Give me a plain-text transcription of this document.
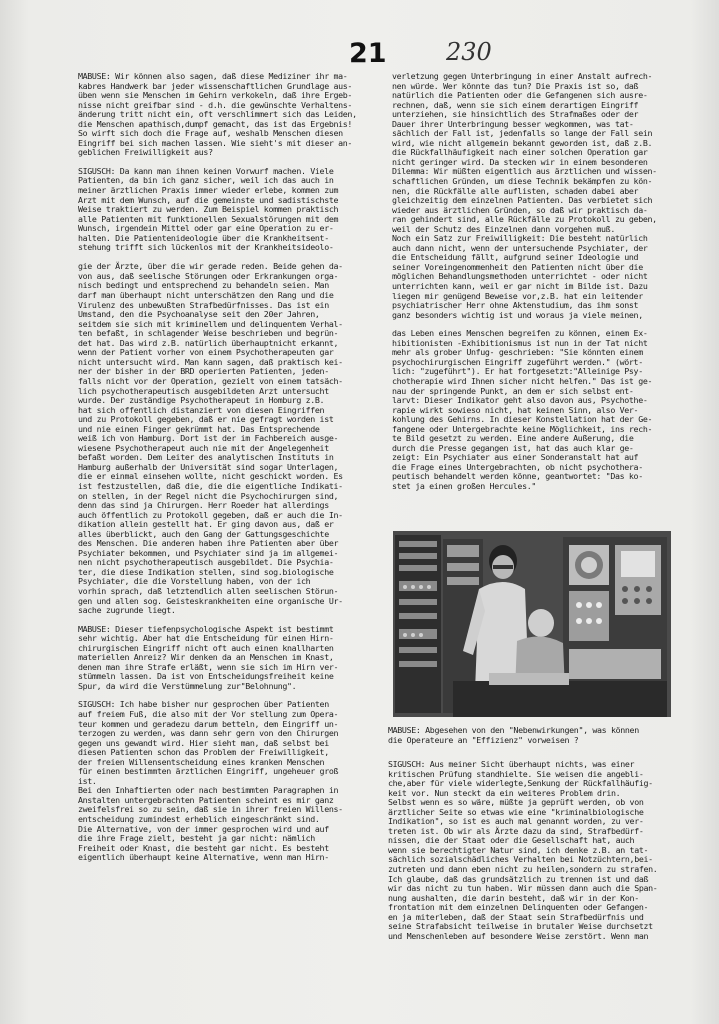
21 230

MABUSE: Wir können also sagen, daß diese Mediziner ihr ma-
kabres Handwerk bar jeder wissenschaftlichen Grundlage aus-
üben wenn sie Menschen im Gehirn verkokeln, daß ihre Ergeb-
nisse nicht greifbar sind - d.h. die gewünschte Verhaltens-
änderung tritt nicht ein, oft verschlimmert sich das Leiden,
die Menschen apathisch,dumpf gemacht, das ist das Ergebnis!
So wirft sich doch die Frage auf, weshalb Menschen diesen
Eingriff bei sich machen lassen. Wie sieht's mit dieser an-
geblichen Freiwilligkeit aus?

SIGUSCH: Da kann man ihnen keinen Vorwurf machen. Viele
Patienten, da bin ich ganz sicher, weil ich das auch in
meiner ärztlichen Praxis immer wieder erlebe, kommen zum
Arzt mit dem Wunsch, auf die gemeinste und sadistischste
Weise traktiert zu werden. Zum Beispiel kommen praktisch
alle Patienten mit funktionellen Sexualstörungen mit dem
Wunsch, irgendein Mittel oder gar eine Operation zu er-
halten. Die Patientenideologie über die Krankheitsent-
stehung trifft sich lückenlos mit der Krankheitsideolo-

gie der Ärzte, über die wir gerade reden. Beide gehen da-
von aus, daß seelische Störungen oder Erkrankungen orga-
nisch bedingt und entsprechend zu behandeln seien. Man
darf man überhaupt nicht unterschätzen den Rang und die
Virulenz des unbewußten Strafbedürfnisses. Das ist ein
Umstand, den die Psychoanalyse seit den 20er Jahren,
seitdem sie sich mit kriminellem und delinquentem Verhal-
ten befaßt, in schlagender Weise beschrieben und begrün-
det hat. Das wird z.B. natürlich überhauptnicht erkannt,
wenn der Patient vorher von einem Psychotherapeuten gar
nicht untersucht wird. Man kann sagen, daß praktisch kei-
ner der bisher in der BRD operierten Patienten, jeden-
falls nicht vor der Operation, gezielt von einem tatsäch-
lich psychotherapeutisch ausgebildeten Arzt untersucht
wurde. Der zuständige Psychotherapeut in Homburg z.B.
hat sich offentlich distanziert von diesen Eingriffen
und zu Protokoll gegeben, daß er nie gefragt worden ist
und nie einen Finger gekrümmt hat. Das Entsprechende
weiß ich von Hamburg. Dort ist der im Fachbereich ausge-
wiesene Psychotherapeut auch nie mit der Angelegenheit
befaßt worden. Dem Leiter des analytischen Instituts in
Hamburg außerhalb der Universität sind sogar Unterlagen,
die er einmal einsehen wollte, nicht geschickt worden. Es
ist festzustellen, daß die, die die eigentliche Indikati-
on stellen, in der Regel nicht die Psychochirurgen sind,
denn das sind ja Chirurgen. Herr Roeder hat allerdings
auch öffentlich zu Protokoll gegeben, daß er auch die In-
dikation allein gestellt hat. Er ging davon aus, daß er
alles überblickt, auch den Gang der Gattungsgeschichte
des Menschen. Die anderen haben ihre Patienten aber über
Psychiater bekommen, und Psychiater sind ja im allgemei-
nen nicht psychotherapeutisch ausgebildet. Die Psychia-
ter, die diese Indikation stellen, sind sog.biologische
Psychiater, die die Vorstellung haben, von der ich
vorhin sprach, daß letztendlich allen seelischen Störun-
gen und allen sog. Geisteskrankheiten eine organische Ur-
sache zugrunde liegt.

MABUSE: Dieser tiefenpsychologische Aspekt ist bestimmt
sehr wichtig. Aber hat die Entscheidung für einen Hirn-
chirurgischen Eingriff nicht oft auch einen knallharten
materiellen Anreiz? Wir denken da an Menschen im Knast,
denen man ihre Strafe erläßt, wenn sie sich im Hirn ver-
stümmeln lassen. Da ist von Entscheidungsfreiheit keine
Spur, da wird die Verstümmelung zur"Belohnung".

SIGUSCH: Ich habe bisher nur gesprochen über Patienten
auf freiem Fuß, die also mit der Vor stellung zum Operа-
teur kommen und geradezu darum betteln, dem Eingriff un-
terzogen zu werden, was dann sehr gern von den Chirurgen
gegen uns gewandt wird. Hier sieht man, daß selbst bei
diesen Patienten schon das Problem der Freiwilligkeit,
der freien Willensentscheidung eines kranken Menschen
für einen bestimmten ärztlichen Eingriff, ungeheuer groß
ist.
Bei den Inhaftierten oder nach bestimmten Paragraphen in
Anstalten untergebrachten Patienten scheint es mir ganz
zweifelsfrei so zu sein, daß sie in ihrer freien Willens-
entscheidung zumindest erheblich eingeschränkt sind.
Die Alternative, von der immer gesprochen wird und auf
die ihre Frage zielt, besteht ja gar nicht: nämlich
Freiheit oder Knast, die besteht gar nicht. Es besteht
eigentlich überhaupt keine Alternative, wenn man Hirn-

verletzung gegen Unterbringung in einer Anstalt aufrech-
nen würde. Wer könnte das tun? Die Praxis ist so, daß
natürlich die Patienten oder die Gefangenen sich ausre-
rechnen, daß, wenn sie sich einem derartigen Eingriff
unterziehen, sie hinsichtlich des Strafmaßes oder der
Dauer ihrer Unterbringung besser wegkommen, was tat-
sächlich der Fall ist, jedenfalls so lange der Fall sein
wird, wie nicht allgemein bekannt geworden ist, daß z.B.
die Rückfallhäufigkeit nach einer solchen Operation gar
nicht geringer wird. Da stecken wir in einem besonderen
Dilemma: Wir müßten eigentlich aus ärztlichen und wissen-
schaftlichen Gründen, um diese Technik bekämpfen zu kön-
nen, die Rückfälle alle auflisten, schaden dabei aber
gleichzeitig dem einzelnen Patienten. Das verbietet sich
wieder aus ärztlichen Gründen, so daß wir praktisch da-
ran gehindert sind, alle Rückfälle zu Protokoll zu geben,
weil der Schutz des Einzelnen dann vorgehen muß.
Noch ein Satz zur Freiwilligkeit: Die besteht natürlich
auch dann nicht, wenn der untersuchende Psychiater, der
die Entscheidung fällt, aufgrund seiner Ideologie und
seiner Voreingenommenheit den Patienten nicht über die
möglichen Behandlungsmethoden unterrichtet - oder nicht
unterrichten kann, weil er gar nicht im Bilde ist. Dazu
liegen mir genügend Beweise vor,z.B. hat ein leitender
psychiatrischer Herr ohne Aktenstudium, das ihm sonst
ganz besonders wichtig ist und woraus ja viele meinen,

das Leben eines Menschen begreifen zu können, einem Ex-
hibitionisten -Exhibitionismus ist nun in der Tat nicht
mehr als grober Unfug- geschrieben: "Sie könnten einem
psychochirurgischen Eingriff zugeführt werden." (wört-
lich: "zugeführt"). Er hat fortgesetzt:"Alleinige Psy-
chotherapie wird Ihnen sicher nicht helfen." Das ist ge-
nau der springende Punkt, an dem er sich selbst ent-
larvt: Dieser Indikator geht also davon aus, Psychothe-
rapie wirkt sowieso nicht, hat keinen Sinn, also Ver-
kohlung des Gehirns. In dieser Konstellation hat der Ge-
fangene oder Untergebrachte keine Möglichkeit, ins rech-
te Bild gesetzt zu werden. Eine andere Außerung, die
durch die Presse gegangen ist, hat das auch klar ge-
zeigt: Ein Psychiater aus einer Sonderanstalt hat auf
die Frage eines Untergebrachten, ob nicht psychothera-
peutisch behandelt werden könne, geantwortet: "Das ko-
stet ja einen großen Hercules."

MABUSE: Abgesehen von den "Nebenwirkungen", was können
die Operateure an "Effizienz" vorweisen ?

SIGUSCH: Aus meiner Sicht überhaupt nichts, was einer
kritischen Prüfung standhielte. Sie weisen die angebli-
che,aber für viele widerlegte,Senkung der Rückfallhäufig-
keit vor. Nun steckt da ein weiteres Problem drin.
Selbst wenn es so wäre, müßte ja geprüft werden, ob von
ärztlicher Seite so etwas wie eine "kriminalbiologische
Indikation", so ist es auch mal genannt worden, zu ver-
treten ist. Ob wir als Ärzte dazu da sind, Strafbedürf-
nissen, die der Staat oder die Gesellschaft hat, auch
wenn sie berechtigter Natur sind, ich denke z.B. an tat-
sächlich sozialschädliches Verhalten bei Notzüchtern,bei-
zutreten und dann eben nicht zu heilen,sondern zu strafen.
Ich glaube, daß das grundsätzlich zu trennen ist und daß
wir das nicht zu tun haben. Wir müssen dann auch die Span-
nung aushalten, die darin besteht, daß wir in der Kon-
frontation mit dem einzelnen Delinquenten oder Gefangen-
en ja miterleben, daß der Staat sein Strafbedürfnis und
seine Strafabsicht teilweise in brutaler Weise durchsetzt
und Menschenleben auf besondere Weise zerstört. Wenn man
